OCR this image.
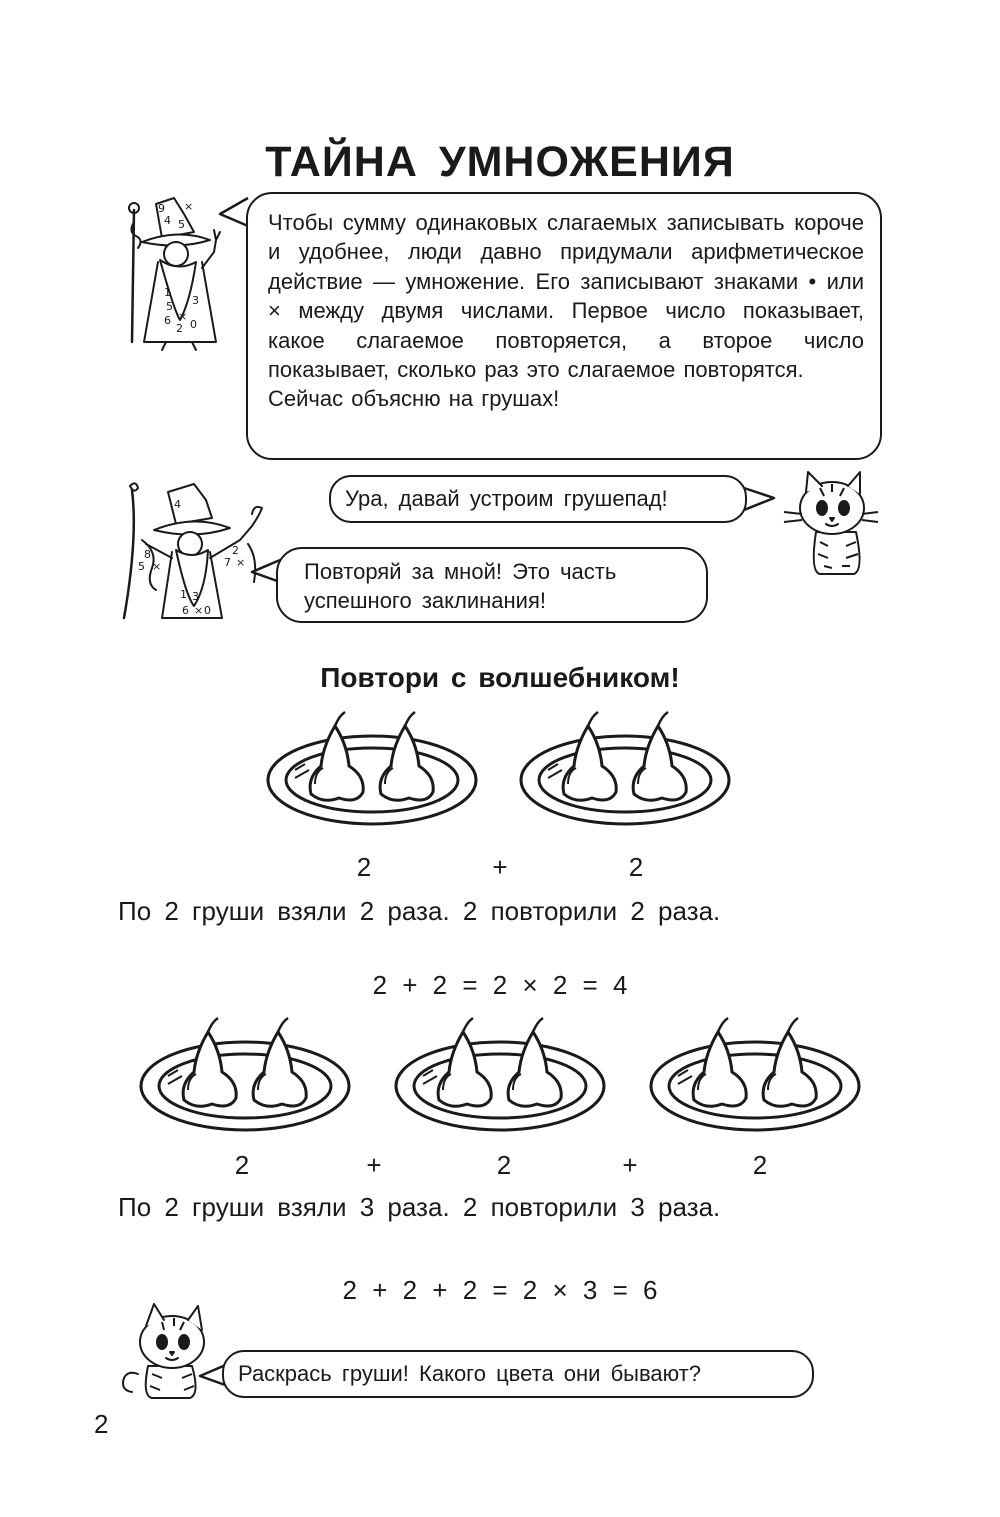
ТАЙНА УМНОЖЕНИЯ
9
4 5
×
1
5 3
6
2 0
×

Чтобы сумму одинаковых слагаемых записывать короче и удобнее, люди давно придумали арифметическое действие — умножение. Его записывают знаками • или × между двумя числами. Первое число показывает, какое слагаемое повторяется, а второе число показывает, сколько раз это слагаемое повторятся.

Сейчас объясню на грушах!

4
8
×
5
2
7 ×
1 3
6 0
×
Ура, давай устроим грушепад!
Повторяй за мной! Это часть успешного заклинания!
Повтори с волшебником!
2	+	2
По 2 груши взяли 2 раза. 2 повторили 2 раза.
2 + 2 = 2 × 2 = 4
2	+	2	+	2
По 2 груши взяли 3 раза. 2 повторили 3 раза.
2 + 2 + 2 = 2 × 3 = 6
Раскрась груши! Какого цвета они бывают?
2
